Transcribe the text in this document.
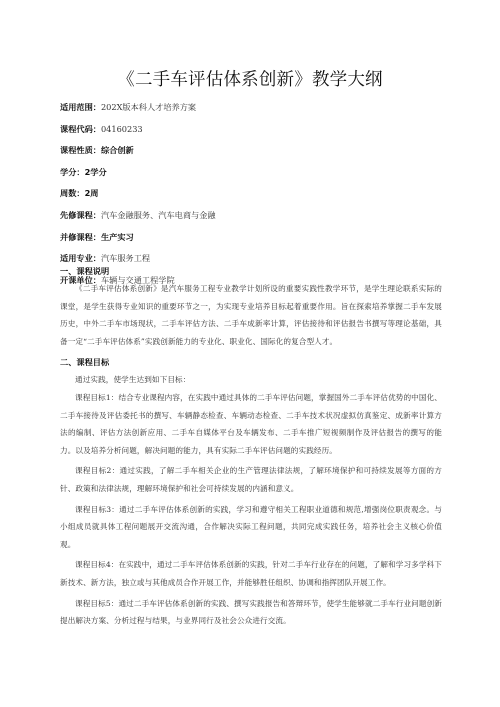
《二手车评估体系创新》教学大纲
适用范围：202X版本科人才培养方案
课程代码：04160233
课程性质：综合创新
学分：2学分
周数：2周
先修课程：汽车金融服务、汽车电商与金融
并修课程：生产实习
适用专业：汽车服务工程
开课单位：车辆与交通工程学院
一、课程说明

《二手车评估体系创新》是汽车服务工程专业教学计划所设的重要实践性教学环节，是学生理论联系实际的课堂，是学生获得专业知识的重要环节之一，为实现专业培养目标起着重要作用。旨在探索培养掌握二手车发展历史，中外二手车市场现状，二手车评估方法、二手车成新率计算，评估接待和评估报告书撰写等理论基础，具备一定“二手车评估体系”实践创新能力的专业化、职业化、国际化的复合型人才。

二、课程目标

通过实践，使学生达到如下目标：

课程目标1：结合专业课程内容，在实践中通过具体的二手车评估问题，掌握国外二手车评估优势的中国化、二手车接待及评估委托书的撰写、车辆静态检查、车辆动态检查、二手车技术状况虚拟仿真鉴定、成新率计算方法的编制、评估方法创新应用、二手车自媒体平台及车辆发布、二手车推广短视频制作及评估报告的撰写的能力。以及培养分析问题，解决问题的能力，具有实际二手车评估问题的实践经历。

课程目标2：通过实践，了解二手车相关企业的生产管理法律法规，了解环境保护和可持续发展等方面的方针、政策和法律法规，理解环境保护和社会可持续发展的内涵和意义。

课程目标3：通过二手车评估体系创新的实践，学习和遵守相关工程职业道德和规范,增强岗位职责观念。与小组成员就具体工程问题展开交流沟通，合作解决实际工程问题，共同完成实践任务，培养社会主义核心价值观。

课程目标4：在实践中，通过二手车评估体系创新的实践，针对二手车行业存在的问题，了解和学习多学科下新技术、新方法，独立或与其他成员合作开展工作，并能够胜任组织、协调和指挥团队开展工作。

课程目标5：通过二手车评估体系创新的实践、撰写实践报告和答辩环节，使学生能够就二手车行业问题创新提出解决方案、分析过程与结果，与业界同行及社会公众进行交流。
